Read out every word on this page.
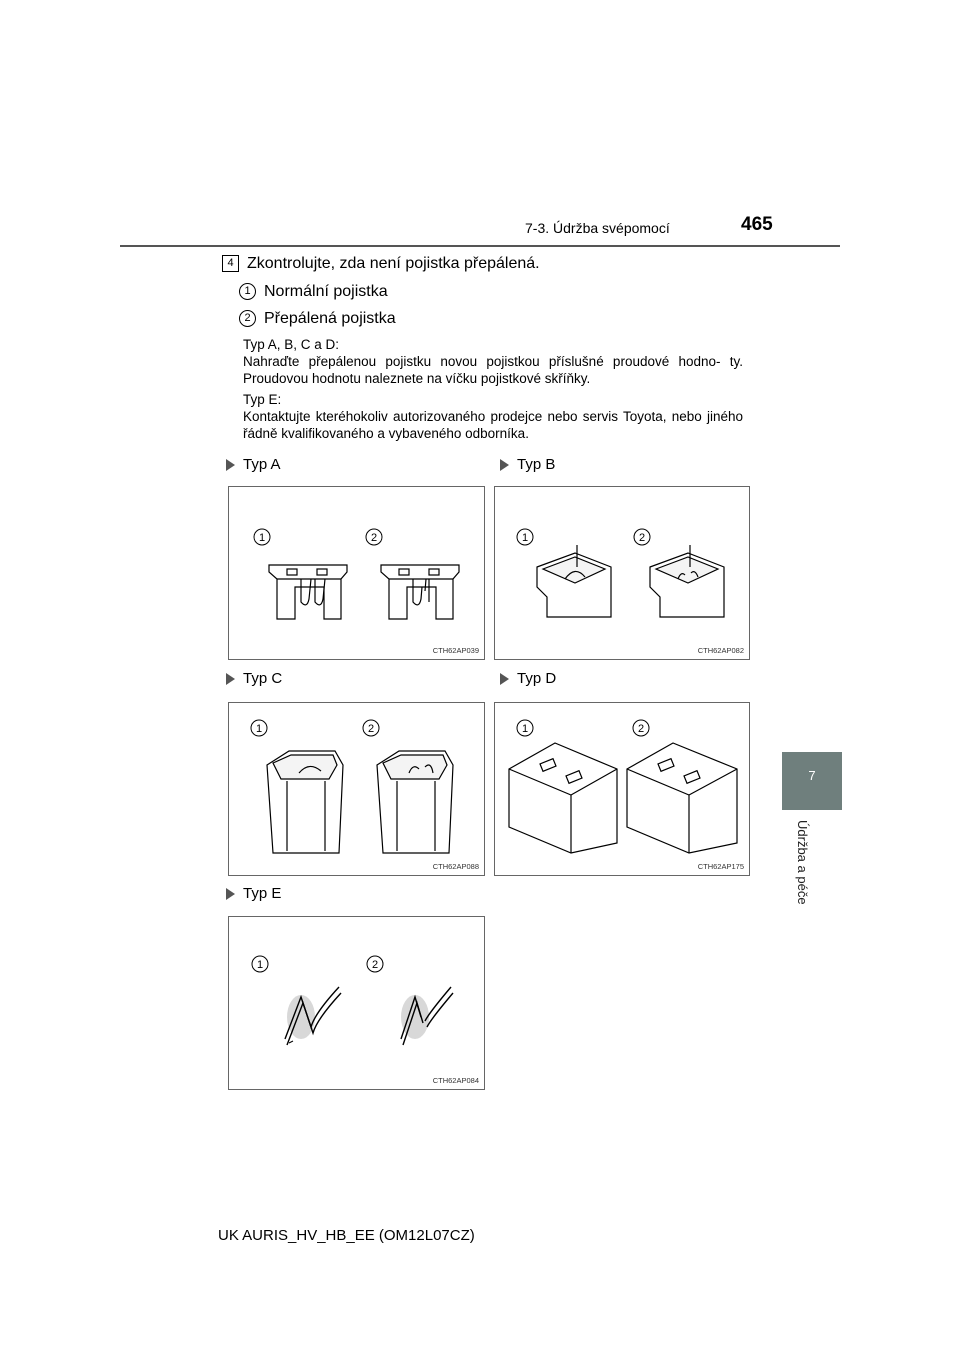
7-3. Údržba svépomocí	465
7
Údržba a péče
4 Zkontrolujte, zda není pojistka přepálená.
1 Normální pojistka
2 Přepálená pojistka
Typ A, B, C a D:
Nahraďte přepálenou pojistku novou pojistkou příslušné proudové hodno- ty. Proudovou hodnotu naleznete na víčku pojistkové skříňky.
Typ E:
Kontaktujte kteréhokoliv autorizovaného prodejce nebo servis Toyota, nebo jiného řádně kvalifikovaného a vybaveného odborníka.
Typ A	Typ B
Typ C	Typ D
Typ E
1	2
CTH62AP039
1	2
CTH62AP082
1	2
CTH62AP088
1	2
CTH62AP175
1	2
CTH62AP084
UK AURIS_HV_HB_EE (OM12L07CZ)
